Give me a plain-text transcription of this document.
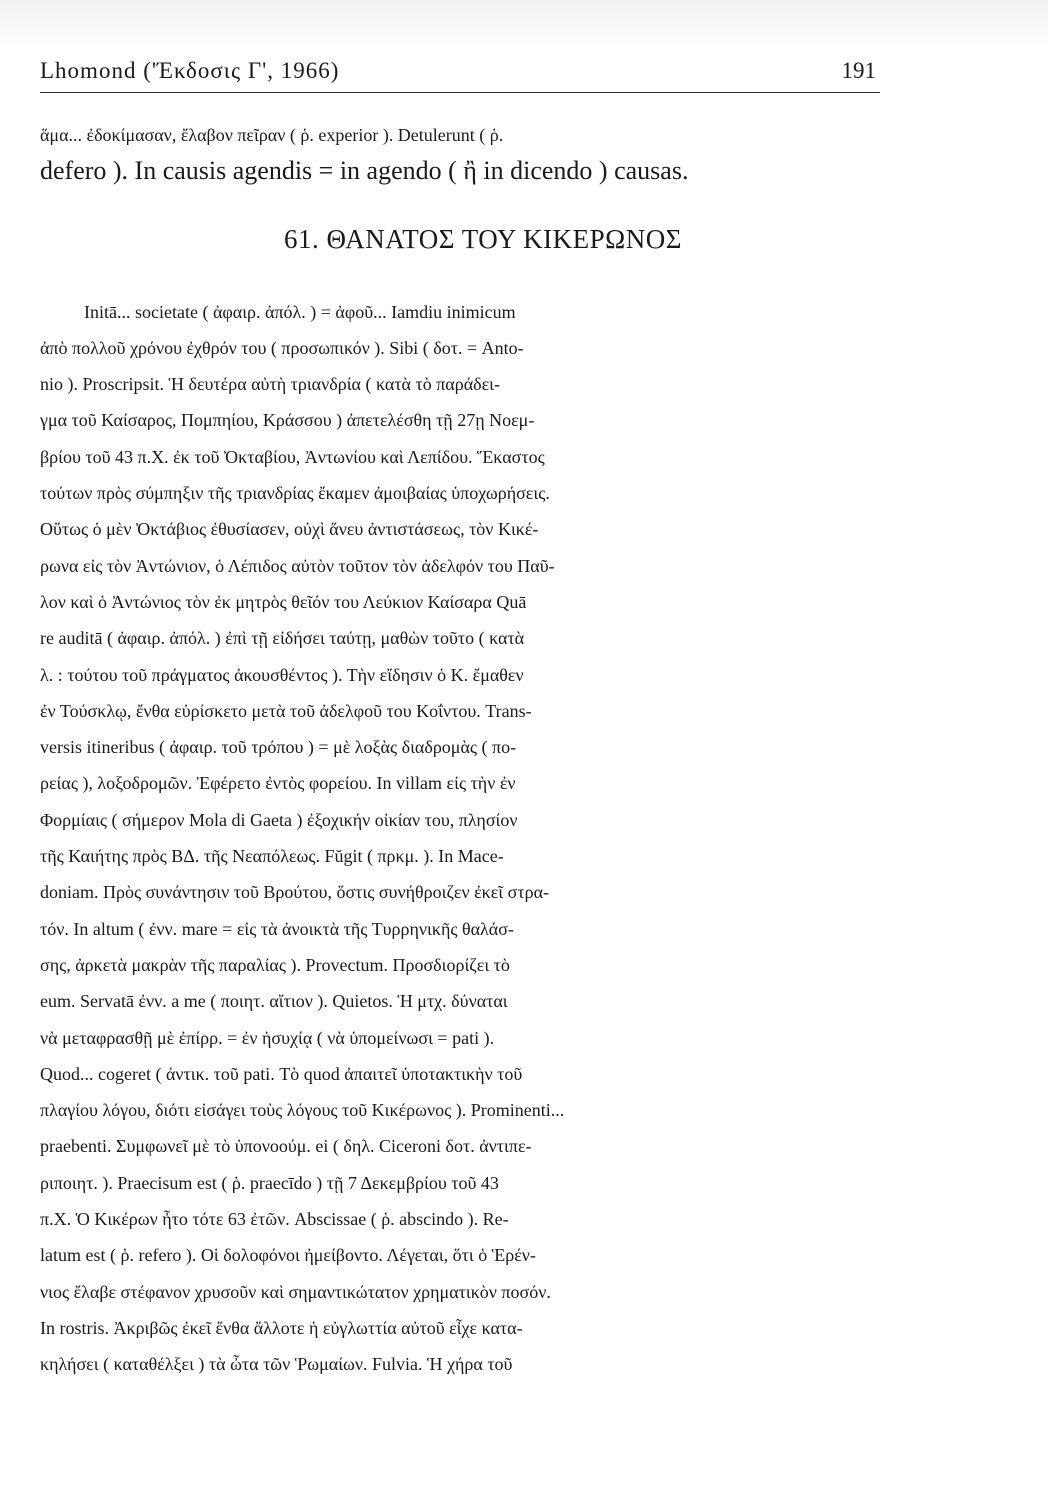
Lhomond ('Έκδοσις Γ', 1966)	191
ἅμα... ἐδοκίμασαν, ἔλαβον πεῖραν ( ῥ. experior ). Detulerunt ( ῥ.
defero ). In causis agendis = in agendo ( ἢ in dicendo ) causas.
61. ΘΑΝΑΤΟΣ ΤΟΥ ΚΙΚΕΡΩΝΟΣ
Initā... societate ( ἀφαιρ. ἀπόλ. ) = ἀφοῦ... Iamdiu inimicum
ἀπὸ πολλοῦ χρόνου ἐχθρόν του ( προσωπικόν ). Sibi ( δοτ. = Anto-
nio ). Proscripsit. Ἡ δευτέρα αὐτὴ τριανδρία ( κατὰ τὸ παράδει-
γμα τοῦ Καίσαρος, Πομπηίου, Κράσσου ) ἀπετελέσθη τῇ 27ῃ Νοεμ-
βρίου τοῦ 43 π.Χ. ἐκ τοῦ Ὀκταβίου, Ἀντωνίου καὶ Λεπίδου. Ἕκαστος
τούτων πρὸς σύμπηξιν τῆς τριανδρίας ἔκαμεν ἀμοιβαίας ὑποχωρήσεις.
Οὕτως ὁ μὲν Ὀκτάβιος ἐθυσίασεν, οὐχὶ ἄνευ ἀντιστάσεως, τὸν Κικέ-
ρωνα εἰς τὸν Ἀντώνιον, ὁ Λέπιδος αὐτὸν τοῦτον τὸν ἀδελφόν του Παῦ-
λον καὶ ὁ Ἀντώνιος τὸν ἐκ μητρὸς θεῖόν του Λεύκιον Καίσαρα Quā
re auditā ( ἀφαιρ. ἀπόλ. ) ἐπὶ τῇ εἰδήσει ταύτῃ, μαθὼν τοῦτο ( κατὰ
λ. : τούτου τοῦ πράγματος ἀκουσθέντος ). Τὴν εἴδησιν ὁ Κ. ἔμαθεν
ἐν Τούσκλῳ, ἔνθα εὑρίσκετο μετὰ τοῦ ἀδελφοῦ του Κοΐντου. Trans-
versis itineribus ( ἀφαιρ. τοῦ τρόπου ) = μὲ λοξὰς διαδρομὰς ( πο-
ρείας ), λοξοδρομῶν. Ἐφέρετο ἐντὸς φορείου. In villam εἰς τὴν ἐν
Φορμίαις ( σήμερον Mola di Gaeta ) ἐξοχικήν οἰκίαν του, πλησίον
τῆς Καιήτης πρὸς ΒΔ. τῆς Νεαπόλεως. Fŭgit ( πρκμ. ). In Mace-
doniam. Πρὸς συνάντησιν τοῦ Βρούτου, ὅστις συνήθροιζεν ἐκεῖ στρα-
τόν. In altum ( ἐνν. mare = εἰς τὰ ἀνοικτὰ τῆς Τυρρηνικῆς θαλάσ-
σης, ἀρκετὰ μακρὰν τῆς παραλίας ). Provectum. Προσδιορίζει τὸ
eum. Servatā ἐνν. a me ( ποιητ. αἴτιον ). Quietos. Ἡ μτχ. δύναται
νὰ μεταφρασθῇ μὲ ἐπίρρ. = ἐν ἡσυχίᾳ ( νὰ ὑπομείνωσι = pati ).
Quod... cogeret ( ἀντικ. τοῦ pati. Τὸ quod ἀπαιτεῖ ὑποτακτικὴν τοῦ
πλαγίου λόγου, διότι εἰσάγει τοὺς λόγους τοῦ Κικέρωνος ). Prominenti...
praebenti. Συμφωνεῖ μὲ τὸ ὑπονοούμ. ei ( δηλ. Ciceroni δοτ. ἀντιπε-
ριποιητ. ). Praecisum est ( ῥ. praecīdo ) τῇ 7 Δεκεμβρίου τοῦ 43
π.Χ. Ὁ Κικέρων ἦτο τότε 63 ἐτῶν. Abscissae ( ῥ. abscindo ). Re-
latum est ( ῥ. refero ). Οἱ δολοφόνοι ἠμείβοντο. Λέγεται, ὅτι ὁ Ἑρέν-
νιος ἔλαβε στέφανον χρυσοῦν καὶ σημαντικώτατον χρηματικὸν ποσόν.
In rostris. Ἀκριβῶς ἐκεῖ ἔνθα ἄλλοτε ἡ εὐγλωττία αὐτοῦ εἶχε κατα-
κηλήσει ( καταθέλξει ) τὰ ὦτα τῶν Ῥωμαίων. Fulvia. Ἡ χήρα τοῦ
